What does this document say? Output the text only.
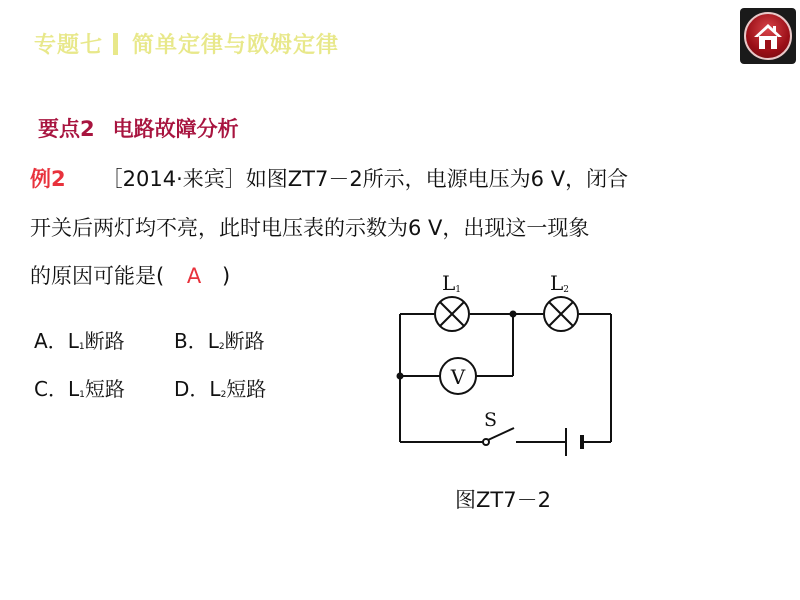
专题七 简单定律与欧姆定律
要点2 电路故障分析
例2 ［2014·来宾］如图ZT7－2所示，电源电压为6 V，闭合
开关后两灯均不亮，此时电压表的示数为6 V，出现这一现象
的原因可能是( A )
A．$L_1$断路 B．$L_2$断路
C．$L_1$短路 D．$L_2$短路	V
L1	L2
S
图ZT7－2
